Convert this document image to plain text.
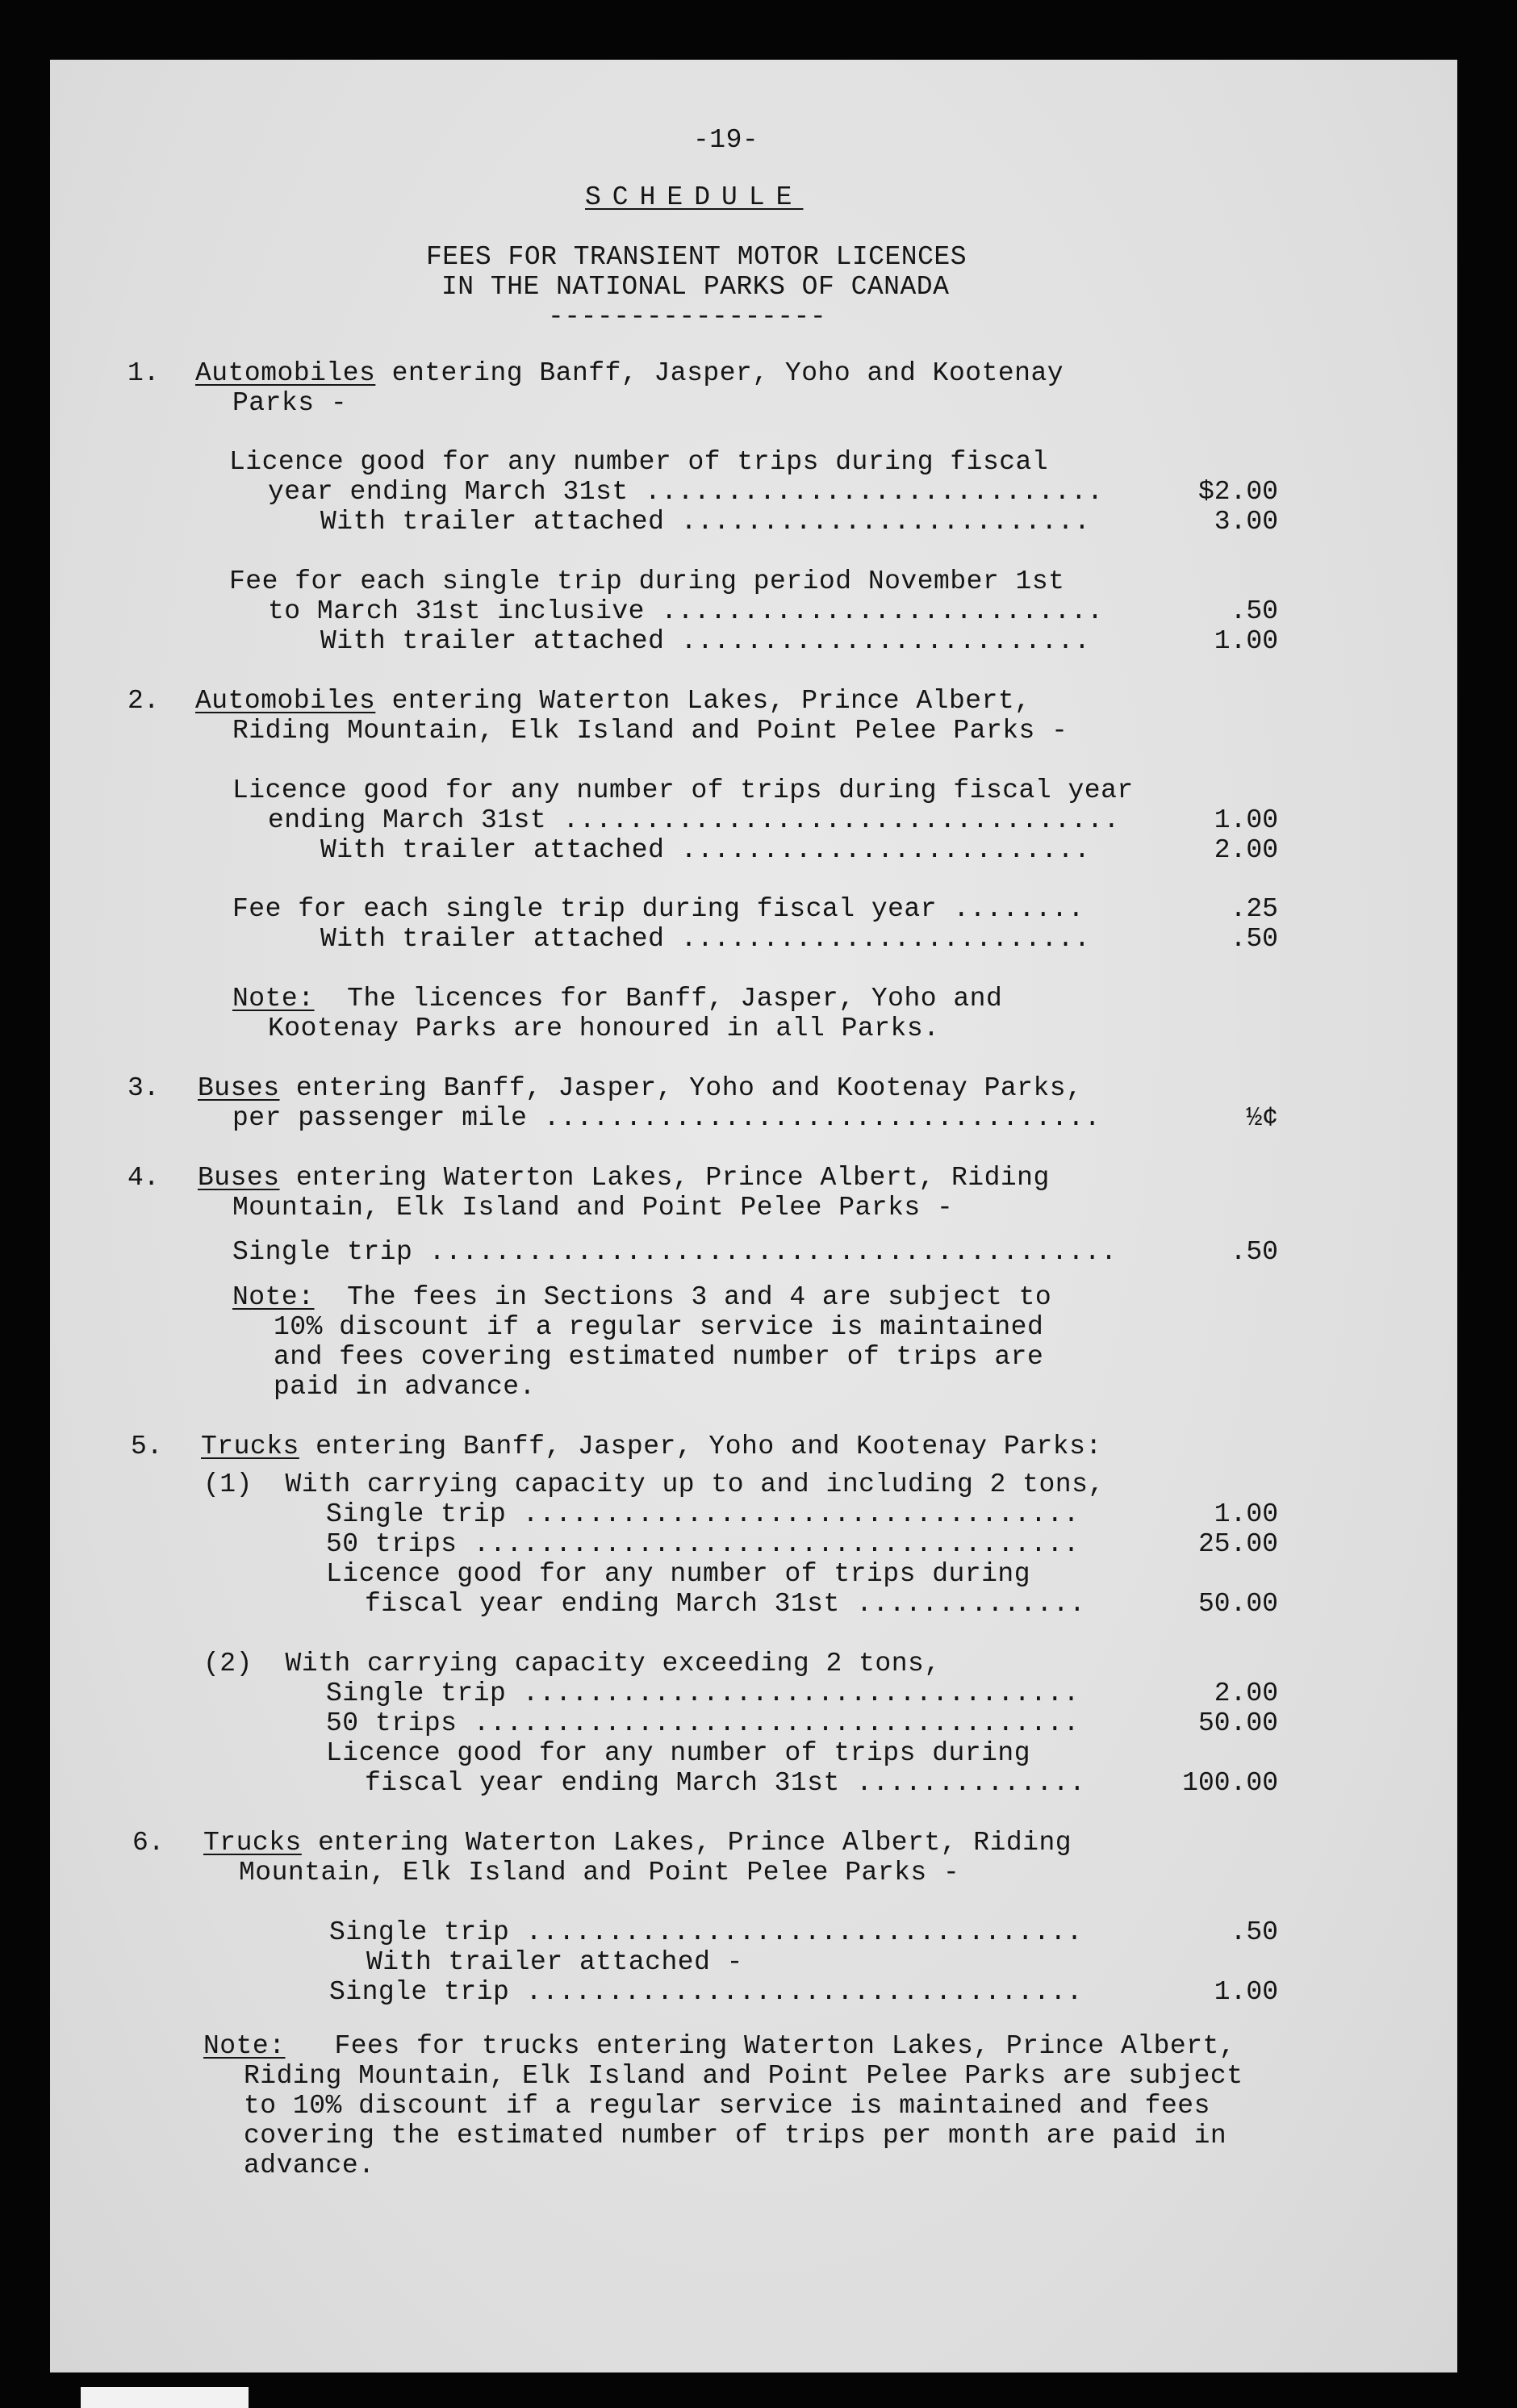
-19-
SCHEDULE
FEES FOR TRANSIENT MOTOR LICENCES
IN THE NATIONAL PARKS OF CANADA
-----------------
1. Automobiles entering Banff, Jasper, Yoho and Kootenay
Parks -
Licence good for any number of trips during fiscal
year ending March 31st ............................	$2.00
With trailer attached .........................	3.00
Fee for each single trip during period November 1st
to March 31st inclusive ...........................	.50
With trailer attached .........................	1.00
2. Automobiles entering Waterton Lakes, Prince Albert,
Riding Mountain, Elk Island and Point Pelee Parks -
Licence good for any number of trips during fiscal year
ending March 31st ..................................	1.00
With trailer attached .........................	2.00
Fee for each single trip during fiscal year ........	.25
With trailer attached .........................	.50
Note:  The licences for Banff, Jasper, Yoho and
Kootenay Parks are honoured in all Parks.
3. Buses entering Banff, Jasper, Yoho and Kootenay Parks,
per passenger mile ..................................	½¢
4. Buses entering Waterton Lakes, Prince Albert, Riding
Mountain, Elk Island and Point Pelee Parks -
Single trip ..........................................	.50
Note:  The fees in Sections 3 and 4 are subject to
10% discount if a regular service is maintained
and fees covering estimated number of trips are
paid in advance.
5. Trucks entering Banff, Jasper, Yoho and Kootenay Parks:
(1)  With carrying capacity up to and including 2 tons,
Single trip ..................................	1.00
50 trips .....................................	25.00
Licence good for any number of trips during
fiscal year ending March 31st ..............	50.00
(2)  With carrying capacity exceeding 2 tons,
Single trip ..................................	2.00
50 trips .....................................	50.00
Licence good for any number of trips during
fiscal year ending March 31st ..............	100.00
6. Trucks entering Waterton Lakes, Prince Albert, Riding
Mountain, Elk Island and Point Pelee Parks -
Single trip ..................................	.50
With trailer attached -
Single trip ..................................	1.00
Note:   Fees for trucks entering Waterton Lakes, Prince Albert,
Riding Mountain, Elk Island and Point Pelee Parks are subject
to 10% discount if a regular service is maintained and fees
covering the estimated number of trips per month are paid in
advance.
